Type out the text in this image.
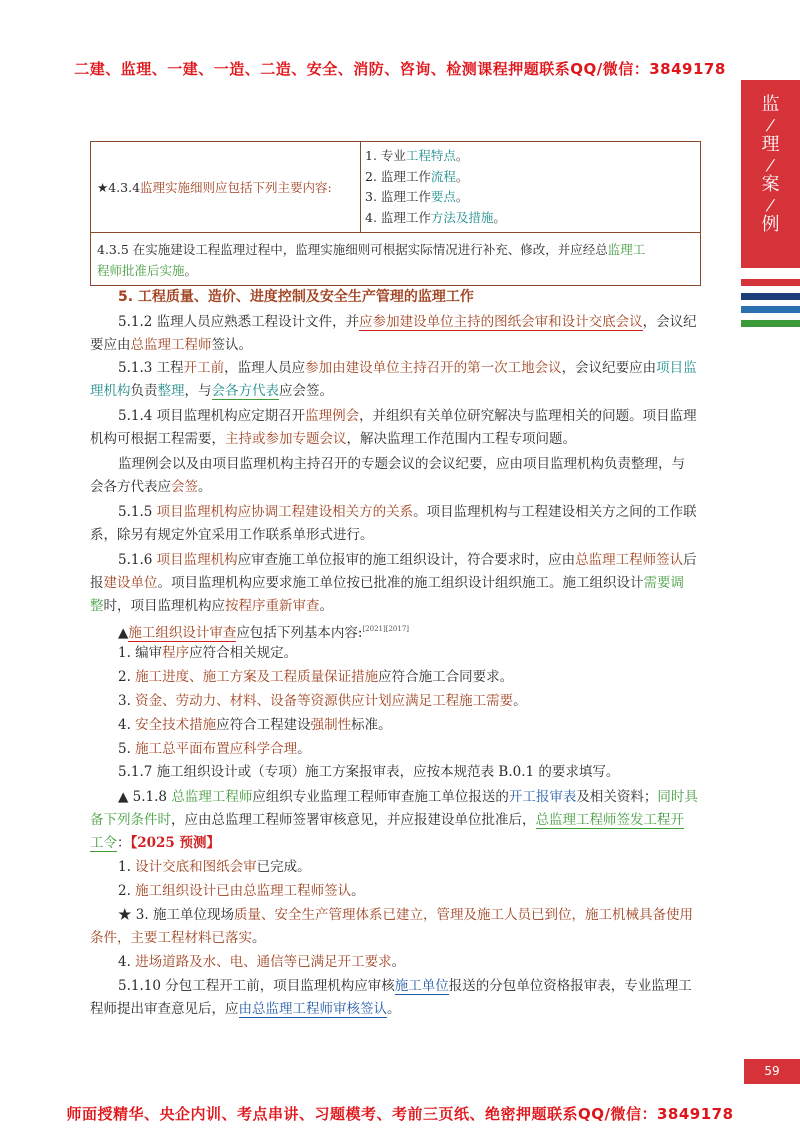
二建、监理、一建、一造、二造、安全、消防、咨询、检测课程押题联系QQ/微信：3849178
监
/
理
/
案
/
例
★ 4.3.4 监理实施细则应包括下列主要内容:
1. 专业工程特点。
2. 监理工作流程。
3. 监理工作要点。
4. 监理工作方法及措施。
4.3.5 在实施建设工程监理过程中，监理实施细则可根据实际情况进行补充、修改，并应经总监理工
程师批准后实施。
5. 工程质量、造价、进度控制及安全生产管理的监理工作
5.1.2 监理人员应熟悉工程设计文件，并应参加建设单位主持的图纸会审和设计交底会议，会议纪
要应由总监理工程师签认。
5.1.3 工程开工前，监理人员应参加由建设单位主持召开的第一次工地会议，会议纪要应由项目监
理机构负责整理，与会各方代表应会签。
5.1.4 项目监理机构应定期召开监理例会，并组织有关单位研究解决与监理相关的问题。项目监理
机构可根据工程需要，主持或参加专题会议，解决监理工作范围内工程专项问题。
监理例会以及由项目监理机构主持召开的专题会议的会议纪要，应由项目监理机构负责整理，与
会各方代表应会签。
5.1.5 项目监理机构应协调工程建设相关方的关系。项目监理机构与工程建设相关方之间的工作联
系，除另有规定外宜采用工作联系单形式进行。
5.1.6 项目监理机构应审查施工单位报审的施工组织设计，符合要求时，应由总监理工程师签认后
报建设单位。项目监理机构应要求施工单位按已批准的施工组织设计组织施工。施工组织设计需要调
整时，项目监理机构应按程序重新审查。
▲施工组织设计审查应包括下列基本内容:[2021][2017]
1. 编审程序应符合相关规定。
2. 施工进度、施工方案及工程质量保证措施应符合施工合同要求。
3. 资金、劳动力、材料、设备等资源供应计划应满足工程施工需要。
4. 安全技术措施应符合工程建设强制性标准。
5. 施工总平面布置应科学合理。
5.1.7 施工组织设计或（专项）施工方案报审表，应按本规范表 B.0.1 的要求填写。
▲ 5.1.8 总监理工程师应组织专业监理工程师审查施工单位报送的开工报审表及相关资料；同时具
备下列条件时，应由总监理工程师签署审核意见，并应报建设单位批准后，总监理工程师签发工程开
工令：【2025 预测】
1. 设计交底和图纸会审已完成。
2. 施工组织设计已由总监理工程师签认。
★ 3. 施工单位现场质量、安全生产管理体系已建立，管理及施工人员已到位，施工机械具备使用
条件，主要工程材料已落实。
4. 进场道路及水、电、通信等已满足开工要求。
5.1.10 分包工程开工前，项目监理机构应审核施工单位报送的分包单位资格报审表，专业监理工
程师提出审查意见后，应由总监理工程师审核签认。
59
师面授精华、央企内训、考点串讲、习题模考、考前三页纸、绝密押题联系QQ/微信：3849178
